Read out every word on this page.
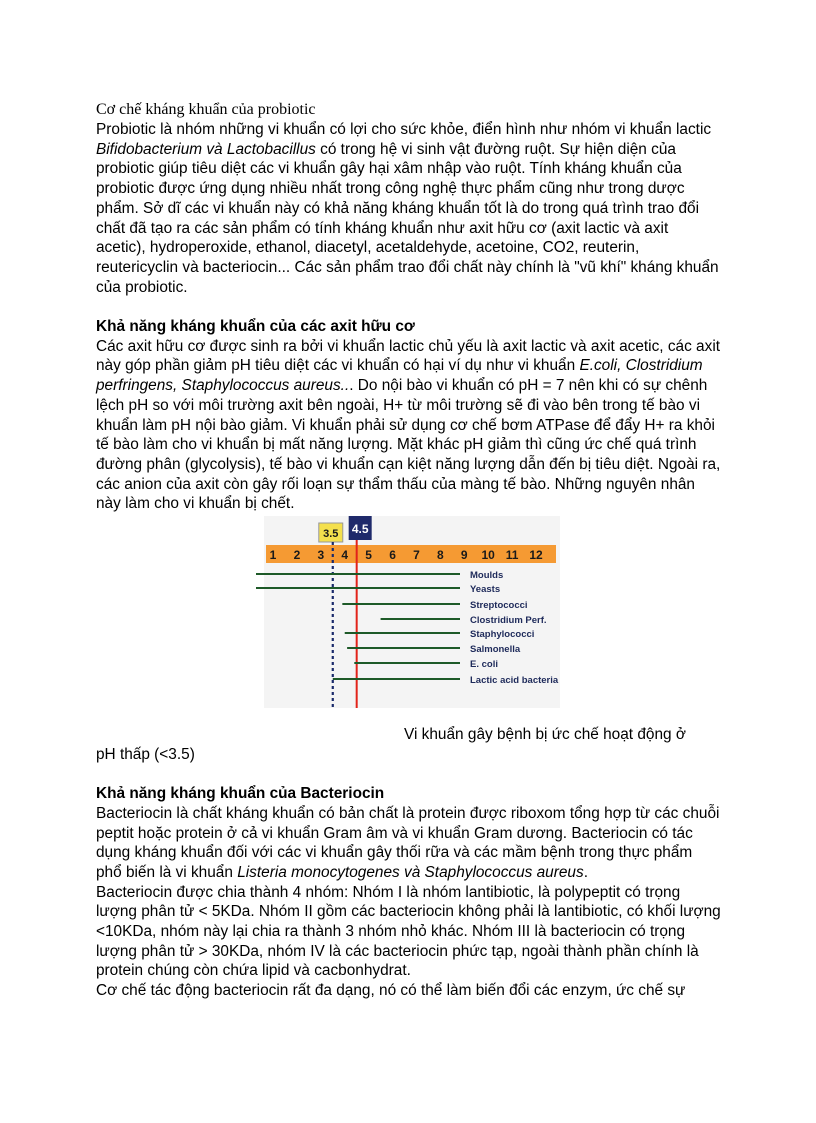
Cơ chế kháng khuẩn của probiotic

Probiotic là nhóm những vi khuẩn có lợi cho sức khỏe, điển hình như nhóm vi khuẩn lactic Bifidobacterium và Lactobacillus có trong hệ vi sinh vật đường ruột. Sự hiện diện của probiotic giúp tiêu diệt các vi khuẩn gây hại xâm nhập vào ruột. Tính kháng khuẩn của probiotic được ứng dụng nhiều nhất trong công nghệ thực phẩm cũng như trong dược phẩm. Sở dĩ các vi khuẩn này có khả năng kháng khuẩn tốt là do trong quá trình trao đổi chất đã tạo ra các sản phẩm có tính kháng khuẩn như axit hữu cơ (axit lactic và axit acetic), hydroperoxide, ethanol, diacetyl, acetaldehyde, acetoine, CO2, reuterin, reutericyclin và bacteriocin... Các sản phẩm trao đổi chất này chính là "vũ khí" kháng khuẩn của probiotic.

Khả năng kháng khuẩn của các axit hữu cơ

Các axit hữu cơ được sinh ra bởi vi khuẩn lactic chủ yếu là axit lactic và axit acetic, các axit này góp phần giảm pH tiêu diệt các vi khuẩn có hại ví dụ như vi khuẩn E.coli, Clostridium perfringens, Staphylococcus aureus... Do nội bào vi khuẩn có pH = 7 nên khi có sự chênh lệch pH so với môi trường axit bên ngoài, H+ từ môi trường sẽ đi vào bên trong tế bào vi khuẩn làm pH nội bào giảm. Vi khuẩn phải sử dụng cơ chế bơm ATPase để đẩy H+ ra khỏi tế bào làm cho vi khuẩn bị mất năng lượng. Mặt khác pH giảm thì cũng ức chế quá trình đường phân (glycolysis), tế bào vi khuẩn cạn kiệt năng lượng dẫn đến bị tiêu diệt. Ngoài ra, các anion của axit còn gây rối loạn sự thẩm thấu của màng tế bào. Những nguyên nhân này làm cho vi khuẩn bị chết.

1 2 3 4 5 6 7 8 9 10 11 12
3.5 4.5
Moulds
Yeasts
Streptococci
Clostridium Perf.
Staphylococci
Salmonella
E. coli
Lactic acid bacteria

Vi khuẩn gây bệnh bị ức chế hoạt động ở

pH thấp (<3.5)

Khả năng kháng khuẩn của Bacteriocin

Bacteriocin là chất kháng khuẩn có bản chất là protein được riboxom tổng hợp từ các chuỗi peptit hoặc protein ở cả vi khuẩn Gram âm và vi khuẩn Gram dương. Bacteriocin có tác dụng kháng khuẩn đối với các vi khuẩn gây thối rữa và các mầm bệnh trong thực phẩm phổ biến là vi khuẩn Listeria monocytogenes và Staphylococcus aureus.

Bacteriocin được chia thành 4 nhóm: Nhóm I là nhóm lantibiotic, là polypeptit có trọng lượng phân tử < 5KDa. Nhóm II gồm các bacteriocin không phải là lantibiotic, có khối lượng <10KDa, nhóm này lại chia ra thành 3 nhóm nhỏ khác. Nhóm III là bacteriocin có trọng lượng phân tử > 30KDa, nhóm IV là các bacteriocin phức tạp, ngoài thành phần chính là protein chúng còn chứa lipid và cacbonhydrat.

Cơ chế tác động bacteriocin rất đa dạng, nó có thể làm biến đổi các enzym, ức chế sự
